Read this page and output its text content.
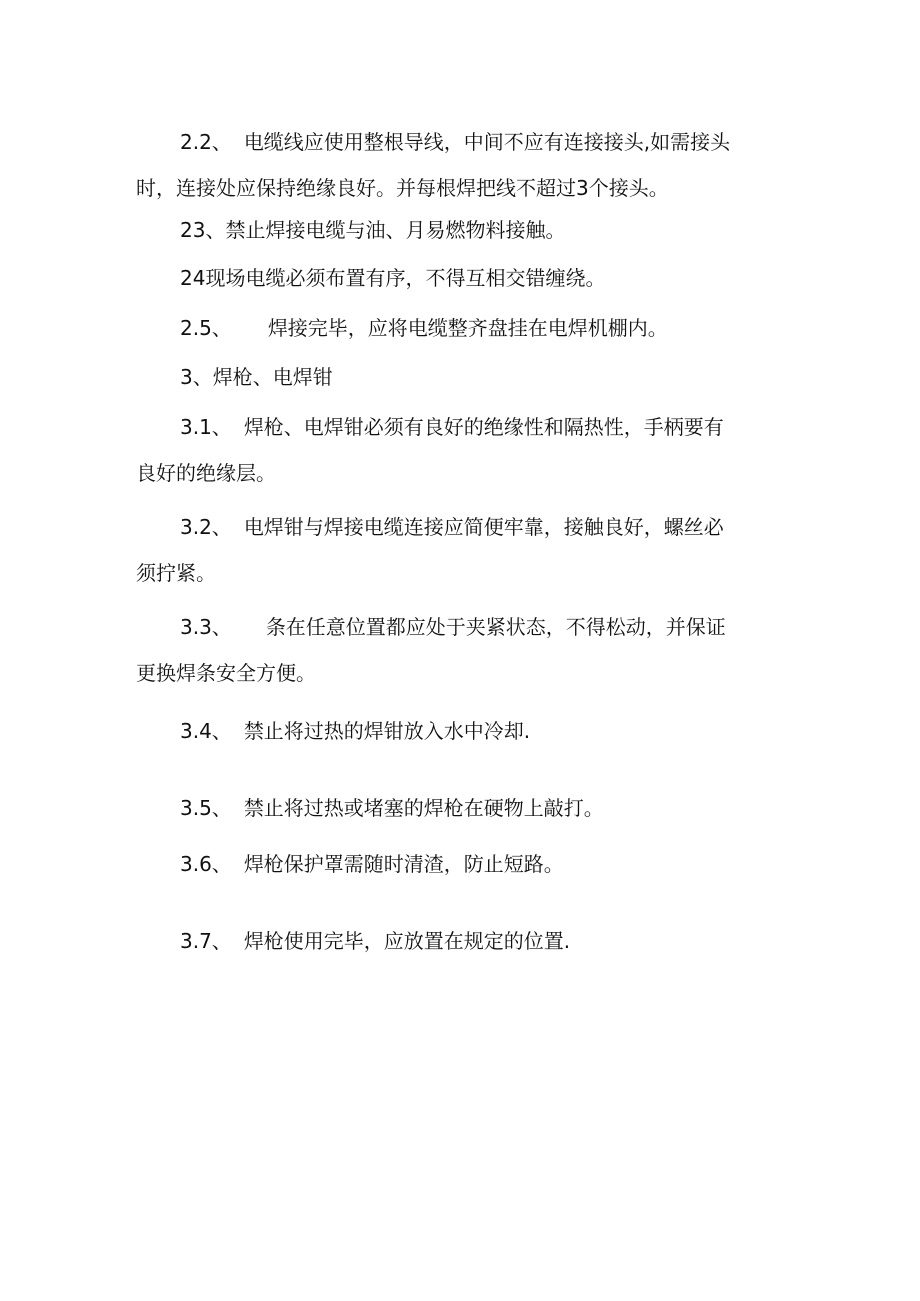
2.2、 电缆线应使用整根导线，中间不应有连接接头,如需接头
时，连接处应保持绝缘良好。并每根焊把线不超过3个接头。
23、禁止焊接电缆与油、月易燃物料接触。
24现场电缆必须布置有序，不得互相交错缠绕。
2.5、 焊接完毕，应将电缆整齐盘挂在电焊机棚内。
3、焊枪、电焊钳
3.1、 焊枪、电焊钳必须有良好的绝缘性和隔热性，手柄要有
良好的绝缘层。
3.2、 电焊钳与焊接电缆连接应简便牢靠，接触良好，螺丝必
须拧紧。
3.3、 条在任意位置都应处于夹紧状态，不得松动，并保证
更换焊条安全方便。
3.4、 禁止将过热的焊钳放入水中冷却.
3.5、 禁止将过热或堵塞的焊枪在硬物上敲打。
3.6、 焊枪保护罩需随时清渣，防止短路。
3.7、 焊枪使用完毕，应放置在规定的位置.
